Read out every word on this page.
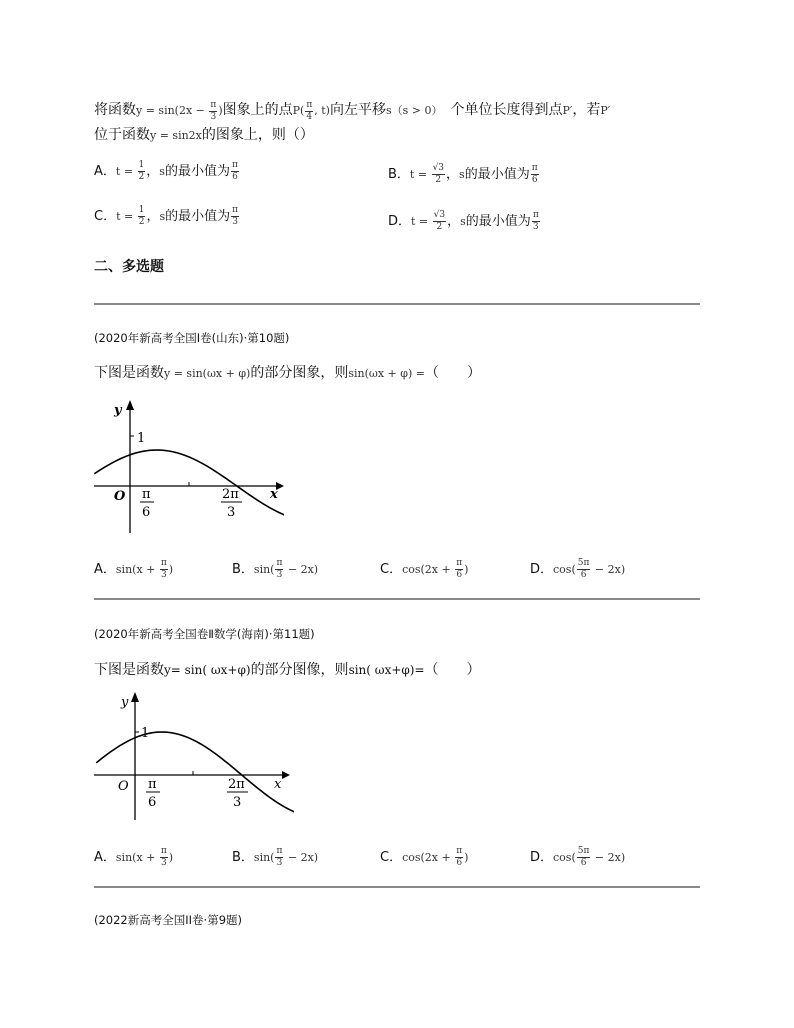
将函数$y = \sin(2x - \frac{\pi}{3}$ )图象上的点$P( \frac{\pi}{4}$ , t)向左平移s（s > 0） 个单位长度得到点P′，若P′
位于函数y = sin2x的图象上，则（）
A．$t = \frac{1}{2}$ ，s的最小值为 $\frac{\pi}{6}$	B．$t = \frac{√3}{2}$ ，s的最小值为 $\frac{\pi}{6}$
C．$t = \frac{1}{2}$ ，s的最小值为 $\frac{\pi}{3}$	D．$t = \frac{√3}{2}$ ，s的最小值为 $\frac{\pi}{3}$
二、多选题
(2020年新高考全国Ⅰ卷(山东)·第10题)
下图是函数y = sin(ωx + φ)的部分图象，则sin(ωx + φ) =（　　）
y
1
O	x
π
6
2π
3
A．$\sin(x + \frac{\pi}{3}$ )	B．$\sin( \frac{\pi}{3} - 2x)$	C．$\cos(2x + \frac{\pi}{6}$ )	D．$\cos( \frac{5\pi}{6} - 2x)$
(2020年新高考全国卷Ⅱ数学(海南)·第11题)
下图是函数y= sin( ωx+φ)的部分图像，则sin( ωx+φ)=（　　）
y
1
O	x
π
6
2π
3
A．$\sin(x + \frac{\pi}{3}$ )	B．$\sin( \frac{\pi}{3} - 2x)$	C．$\cos(2x + \frac{\pi}{6}$ )	D．$\cos( \frac{5\pi}{6} - 2x)$
(2022新高考全国II卷·第9题)
